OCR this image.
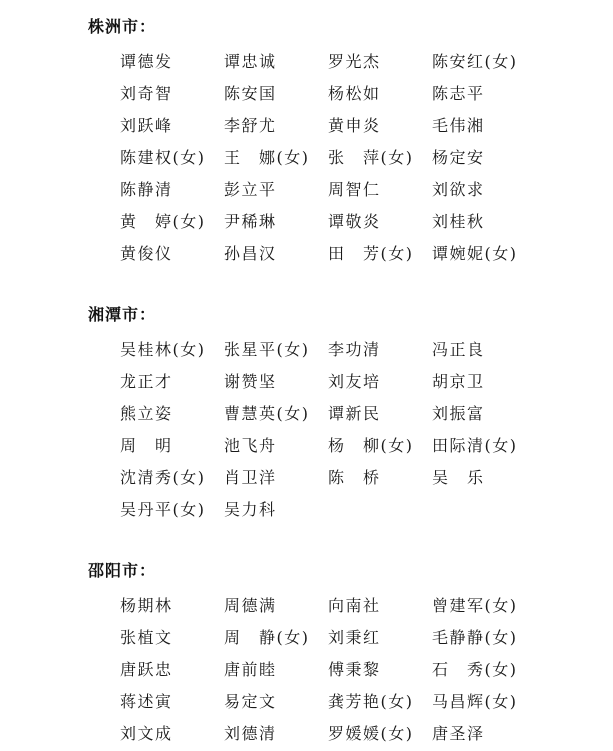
株洲市：
谭德发	谭忠诚	罗光杰	陈安红(女)
刘奇智	陈安国	杨松如	陈志平
刘跃峰	李舒尤	黄申炎	毛伟湘
陈建权(女)	王　娜(女)	张　萍(女)	杨定安
陈静清	彭立平	周智仁	刘欲求
黄　婷(女)	尹稀琳	谭敬炎	刘桂秋
黄俊仪	孙昌汉	田　芳(女)	谭婉妮(女)
湘潭市：
吴桂林(女)	张星平(女)	李功清	冯正良
龙正才	谢赞坚	刘友培	胡京卫
熊立姿	曹慧英(女)	谭新民	刘振富
周　明	池飞舟	杨　柳(女)	田际清(女)
沈清秀(女)	肖卫洋	陈　桥	吴　乐
吴丹平(女)	吴力科
邵阳市：
杨期林	周德满	向南社	曾建军(女)
张植文	周　静(女)	刘秉红	毛静静(女)
唐跃忠	唐前睦	傅秉黎	石　秀(女)
蒋述寅	易定文	龚芳艳(女)	马昌辉(女)
刘文成	刘德清	罗媛媛(女)	唐圣泽
